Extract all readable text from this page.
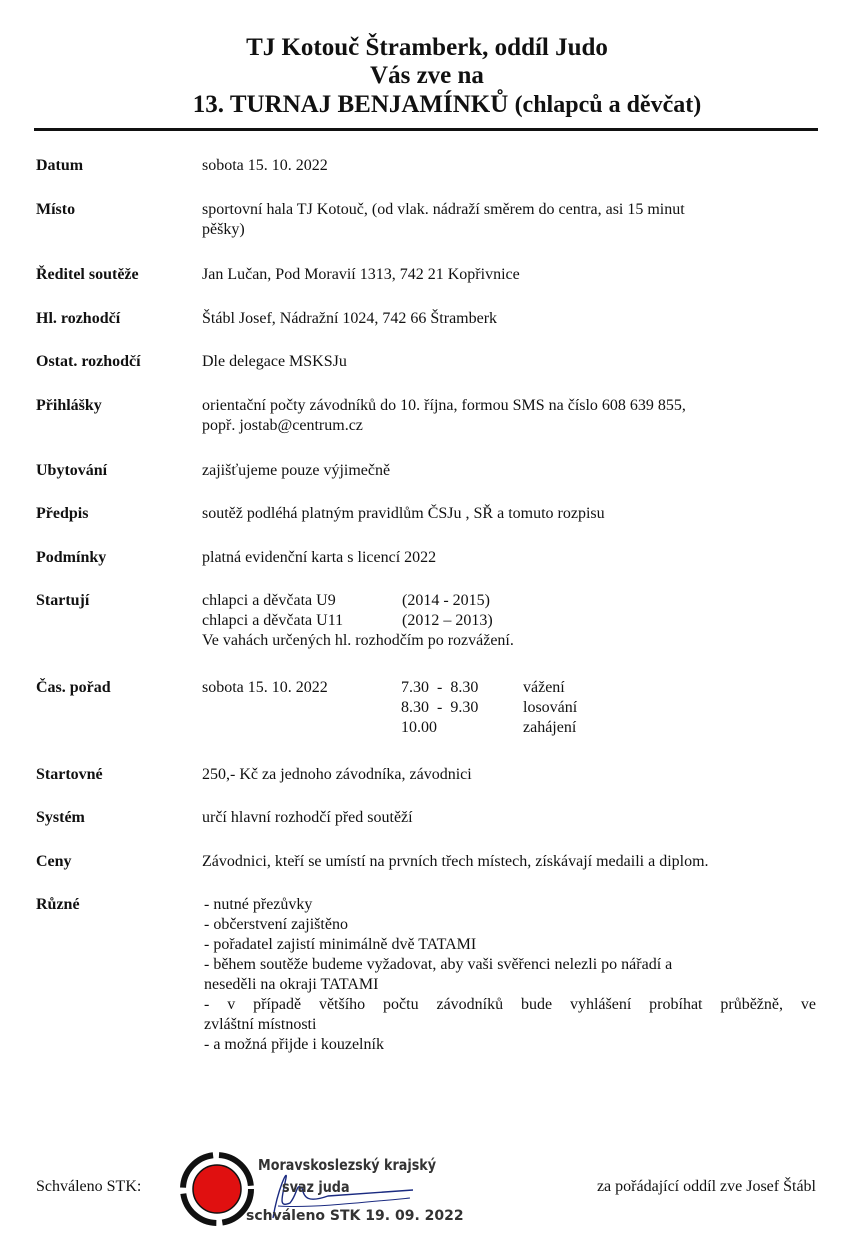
TJ Kotouč Štramberk, oddíl Judo
Vás zve na
13. TURNAJ BENJAMÍNKŮ (chlapců a děvčat)
Datum	sobota 15. 10. 2022
Místo	sportovní hala TJ Kotouč, (od vlak. nádraží směrem do centra, asi 15 minut
pěšky)
Ředitel soutěže	Jan Lučan, Pod Moravií 1313, 742 21 Kopřivnice
Hl. rozhodčí	Štábl Josef, Nádražní 1024, 742 66 Štramberk
Ostat. rozhodčí	Dle delegace MSKSJu
Přihlášky	orientační počty závodníků do 10. října, formou SMS na číslo 608 639 855,
popř. jostab@centrum.cz
Ubytování	zajišťujeme pouze výjimečně
Předpis	soutěž podléhá platným pravidlům ČSJu , SŘ a tomuto rozpisu
Podmínky	platná evidenční karta s licencí 2022
Startují	chlapci a děvčata U9	(2014 - 2015)
chlapci a děvčata U11	(2012 – 2013)
Ve vahách určených hl. rozhodčím po rozvážení.
Čas. pořad	sobota 15. 10. 2022	7.30  -  8.30	vážení
8.30  -  9.30	losování
10.00	zahájení
Startovné	250,- Kč za jednoho závodníka, závodnici
Systém	určí hlavní rozhodčí před soutěží
Ceny	Závodnici, kteří se umístí na prvních třech místech, získávají medaili a diplom.
Různé	- nutné přezůvky
- občerstvení zajištěno
- pořadatel zajistí minimálně dvě TATAMI
- během soutěže budeme vyžadovat, aby vaši svěřenci nelezli po nářadí a
neseděli na okraji TATAMI
- v případě většího počtu závodníků bude vyhlášení probíhat průběžně, ve
zvláštní místnosti
- a možná přijde i kouzelník
Schváleno STK:
Moravskoslezský krajský
svaz juda
schváleno STK 19. 09. 2022
za pořádající oddíl zve Josef Štábl
